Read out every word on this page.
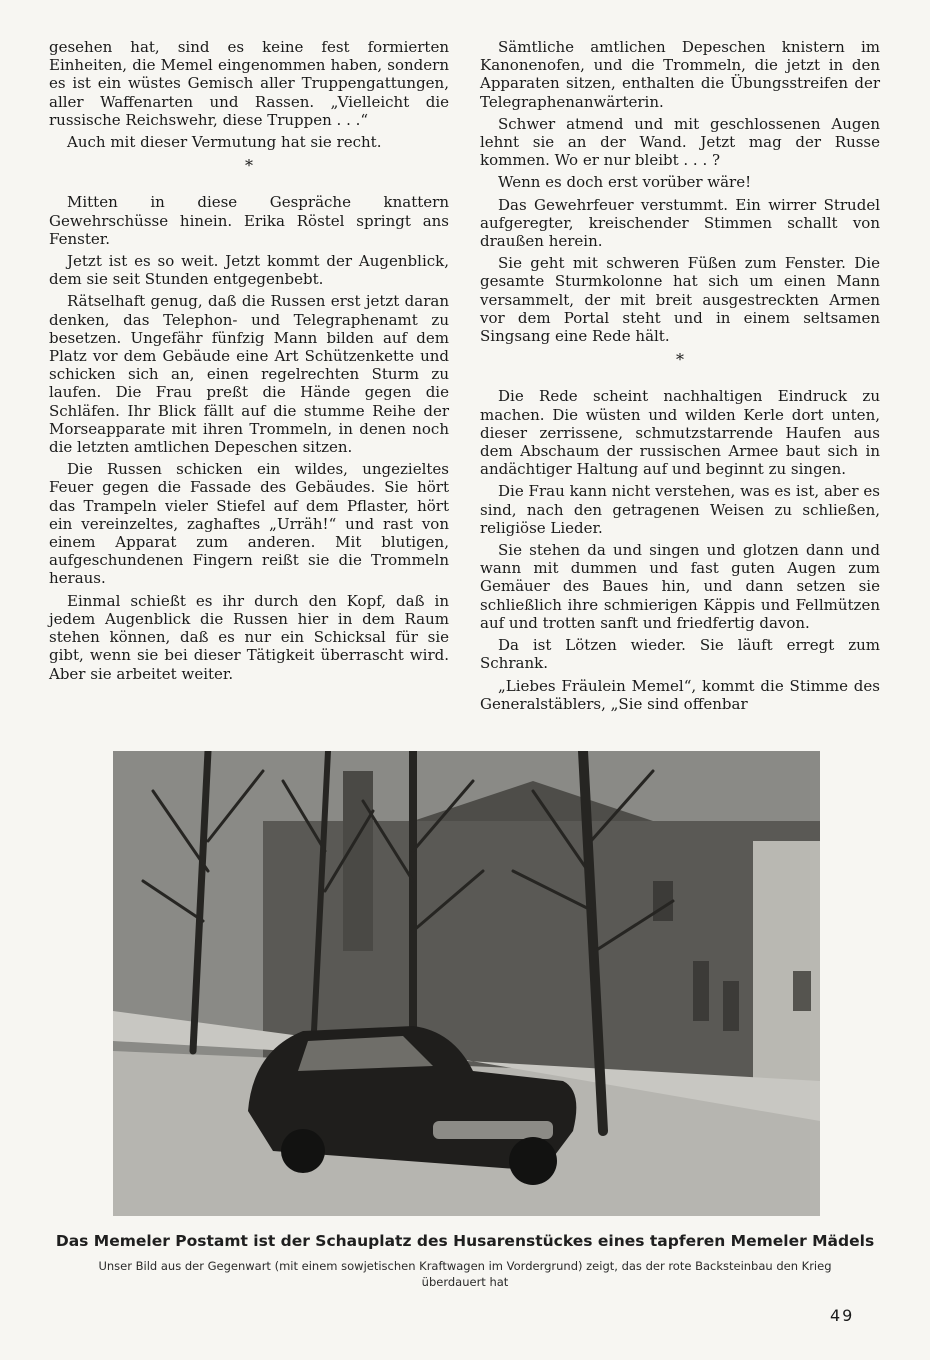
gesehen hat, sind es keine fest formierten Einheiten, die Memel eingenommen haben, sondern es ist ein wüstes Gemisch aller Truppengattungen, aller Waffenarten und Rassen. „Vielleicht die russische Reichswehr, diese Truppen . . .“

Auch mit dieser Vermutung hat sie recht.

*

Mitten in diese Gespräche knattern Gewehrschüsse hinein. Erika Röstel springt ans Fenster.

Jetzt ist es so weit. Jetzt kommt der Augenblick, dem sie seit Stunden entgegenbebt.

Rätselhaft genug, daß die Russen erst jetzt daran denken, das Telephon- und Telegraphenamt zu besetzen. Ungefähr fünfzig Mann bilden auf dem Platz vor dem Gebäude eine Art Schützenkette und schicken sich an, einen regelrechten Sturm zu laufen. Die Frau preßt die Hände gegen die Schläfen. Ihr Blick fällt auf die stumme Reihe der Morseapparate mit ihren Trommeln, in denen noch die letzten amtlichen Depeschen sitzen.

Die Russen schicken ein wildes, ungezieltes Feuer gegen die Fassade des Gebäudes. Sie hört das Trampeln vieler Stiefel auf dem Pflaster, hört ein vereinzeltes, zaghaftes „Urräh!“ und rast von einem Apparat zum anderen. Mit blutigen, aufgeschundenen Fingern reißt sie die Trommeln heraus.

Einmal schießt es ihr durch den Kopf, daß in jedem Augenblick die Russen hier in dem Raum stehen können, daß es nur ein Schicksal für sie gibt, wenn sie bei dieser Tätigkeit überrascht wird. Aber sie arbeitet weiter.

Sämtliche amtlichen Depeschen knistern im Kanonenofen, und die Trommeln, die jetzt in den Apparaten sitzen, enthalten die Übungsstreifen der Telegraphenanwärterin.

Schwer atmend und mit geschlossenen Augen lehnt sie an der Wand. Jetzt mag der Russe kommen. Wo er nur bleibt . . . ?

Wenn es doch erst vorüber wäre!

Das Gewehrfeuer verstummt. Ein wirrer Strudel aufgeregter, kreischender Stimmen schallt von draußen herein.

Sie geht mit schweren Füßen zum Fenster. Die gesamte Sturmkolonne hat sich um einen Mann versammelt, der mit breit ausgestreckten Armen vor dem Portal steht und in einem seltsamen Singsang eine Rede hält.

*

Die Rede scheint nachhaltigen Eindruck zu machen. Die wüsten und wilden Kerle dort unten, dieser zerrissene, schmutzstarrende Haufen aus dem Abschaum der russischen Armee baut sich in andächtiger Haltung auf und beginnt zu singen.

Die Frau kann nicht verstehen, was es ist, aber es sind, nach den getragenen Weisen zu schließen, religiöse Lieder.

Sie stehen da und singen und glotzen dann und wann mit dummen und fast guten Augen zum Gemäuer des Baues hin, und dann setzen sie schließlich ihre schmierigen Käppis und Fellmützen auf und trotten sanft und friedfertig davon.

Da ist Lötzen wieder. Sie läuft erregt zum Schrank.

„Liebes Fräulein Memel“, kommt die Stimme des Generalstäblers, „Sie sind offenbar

Das Memeler Postamt ist der Schauplatz des Husarenstückes eines tapferen Memeler Mädels
Unser Bild aus der Gegenwart (mit einem sowjetischen Kraftwagen im Vordergrund) zeigt, das der rote Backsteinbau den Krieg
überdauert hat
49
